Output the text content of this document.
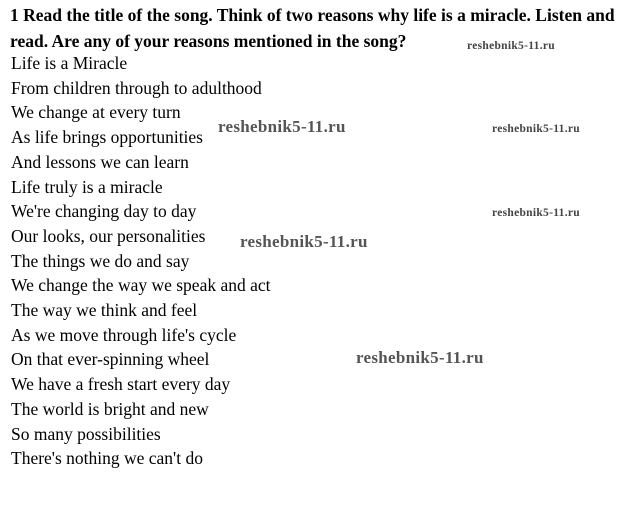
1 Read the title of the song. Think of two reasons why life is a miracle. Listen and read. Are any of your reasons mentioned in the song?

Life is a Miracle
From children through to adulthood
We change at every turn
As life brings opportunities
And lessons we can learn
Life truly is a miracle
We're changing day to day
Our looks, our personalities
The things we do and say
We change the way we speak and act
The way we think and feel
As we move through life's cycle
On that ever-spinning wheel
We have a fresh start every day
The world is bright and new
So many possibilities
There's nothing we can't do
reshebnik5-11.ru
reshebnik5-11.ru	reshebnik5-11.ru
reshebnik5-11.ru
reshebnik5-11.ru
reshebnik5-11.ru
